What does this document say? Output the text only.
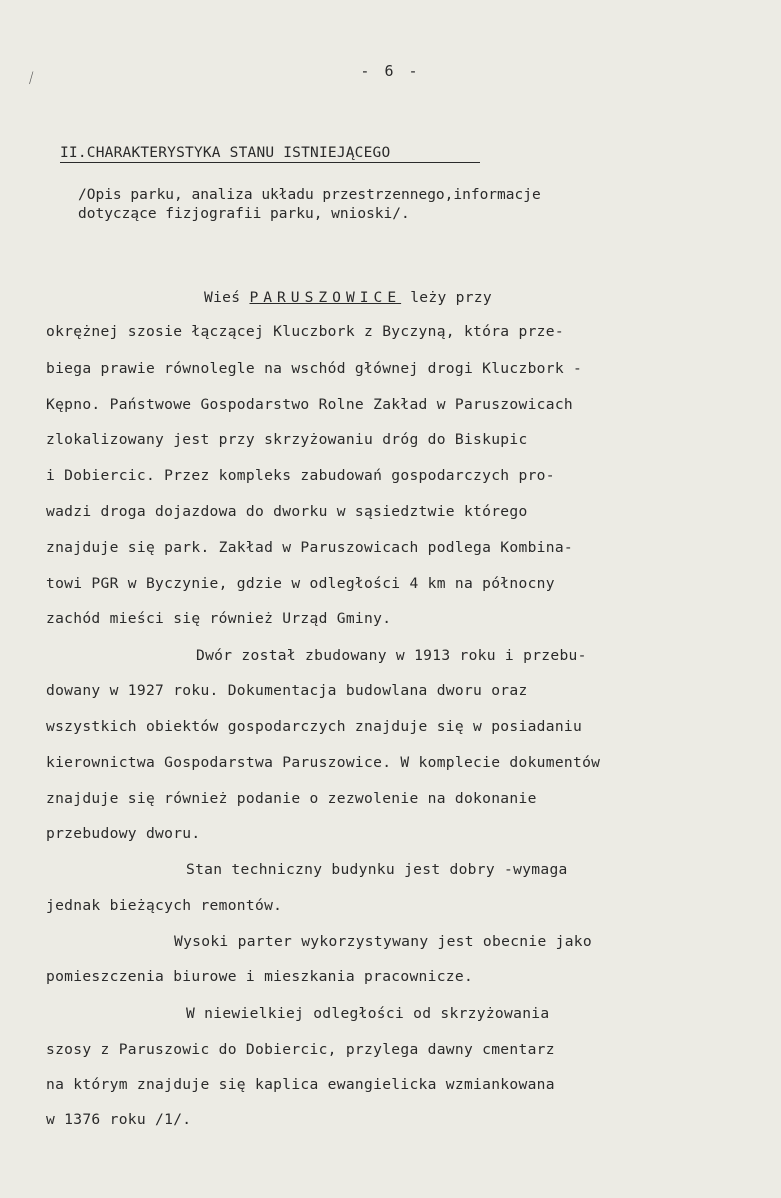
⁄	- 6 -
II.CHARAKTERYSTYKA STANU ISTNIEJĄCEGO
/Opis parku, analiza układu przestrzennego,informacje
dotyczące fizjografii parku, wnioski/.
Wieś PARUSZOWICE leży przy
okrężnej szosie łączącej Kluczbork z Byczyną, która prze-
biega prawie równolegle na wschód głównej drogi Kluczbork -
Kępno. Państwowe Gospodarstwo Rolne Zakład w Paruszowicach
zlokalizowany jest przy skrzyżowaniu dróg do Biskupic
i Dobiercic. Przez kompleks zabudowań gospodarczych pro-
wadzi droga dojazdowa do dworku w sąsiedztwie którego
znajduje się park. Zakład w Paruszowicach podlega Kombina-
towi PGR w Byczynie, gdzie w odległości 4 km na północny
zachód mieści się również Urząd Gminy.
Dwór został zbudowany w 1913 roku i przebu-
dowany w 1927 roku. Dokumentacja budowlana dworu oraz
wszystkich obiektów gospodarczych znajduje się w posiadaniu
kierownictwa Gospodarstwa Paruszowice. W komplecie dokumentów
znajduje się również podanie o zezwolenie na dokonanie
przebudowy dworu.
Stan techniczny budynku jest dobry -wymaga
jednak bieżących remontów.
Wysoki parter wykorzystywany jest obecnie jako
pomieszczenia biurowe i mieszkania pracownicze.
W niewielkiej odległości od skrzyżowania
szosy z Paruszowic do Dobiercic, przylega dawny cmentarz
na którym znajduje się kaplica ewangielicka wzmiankowana
w 1376 roku /1/.
